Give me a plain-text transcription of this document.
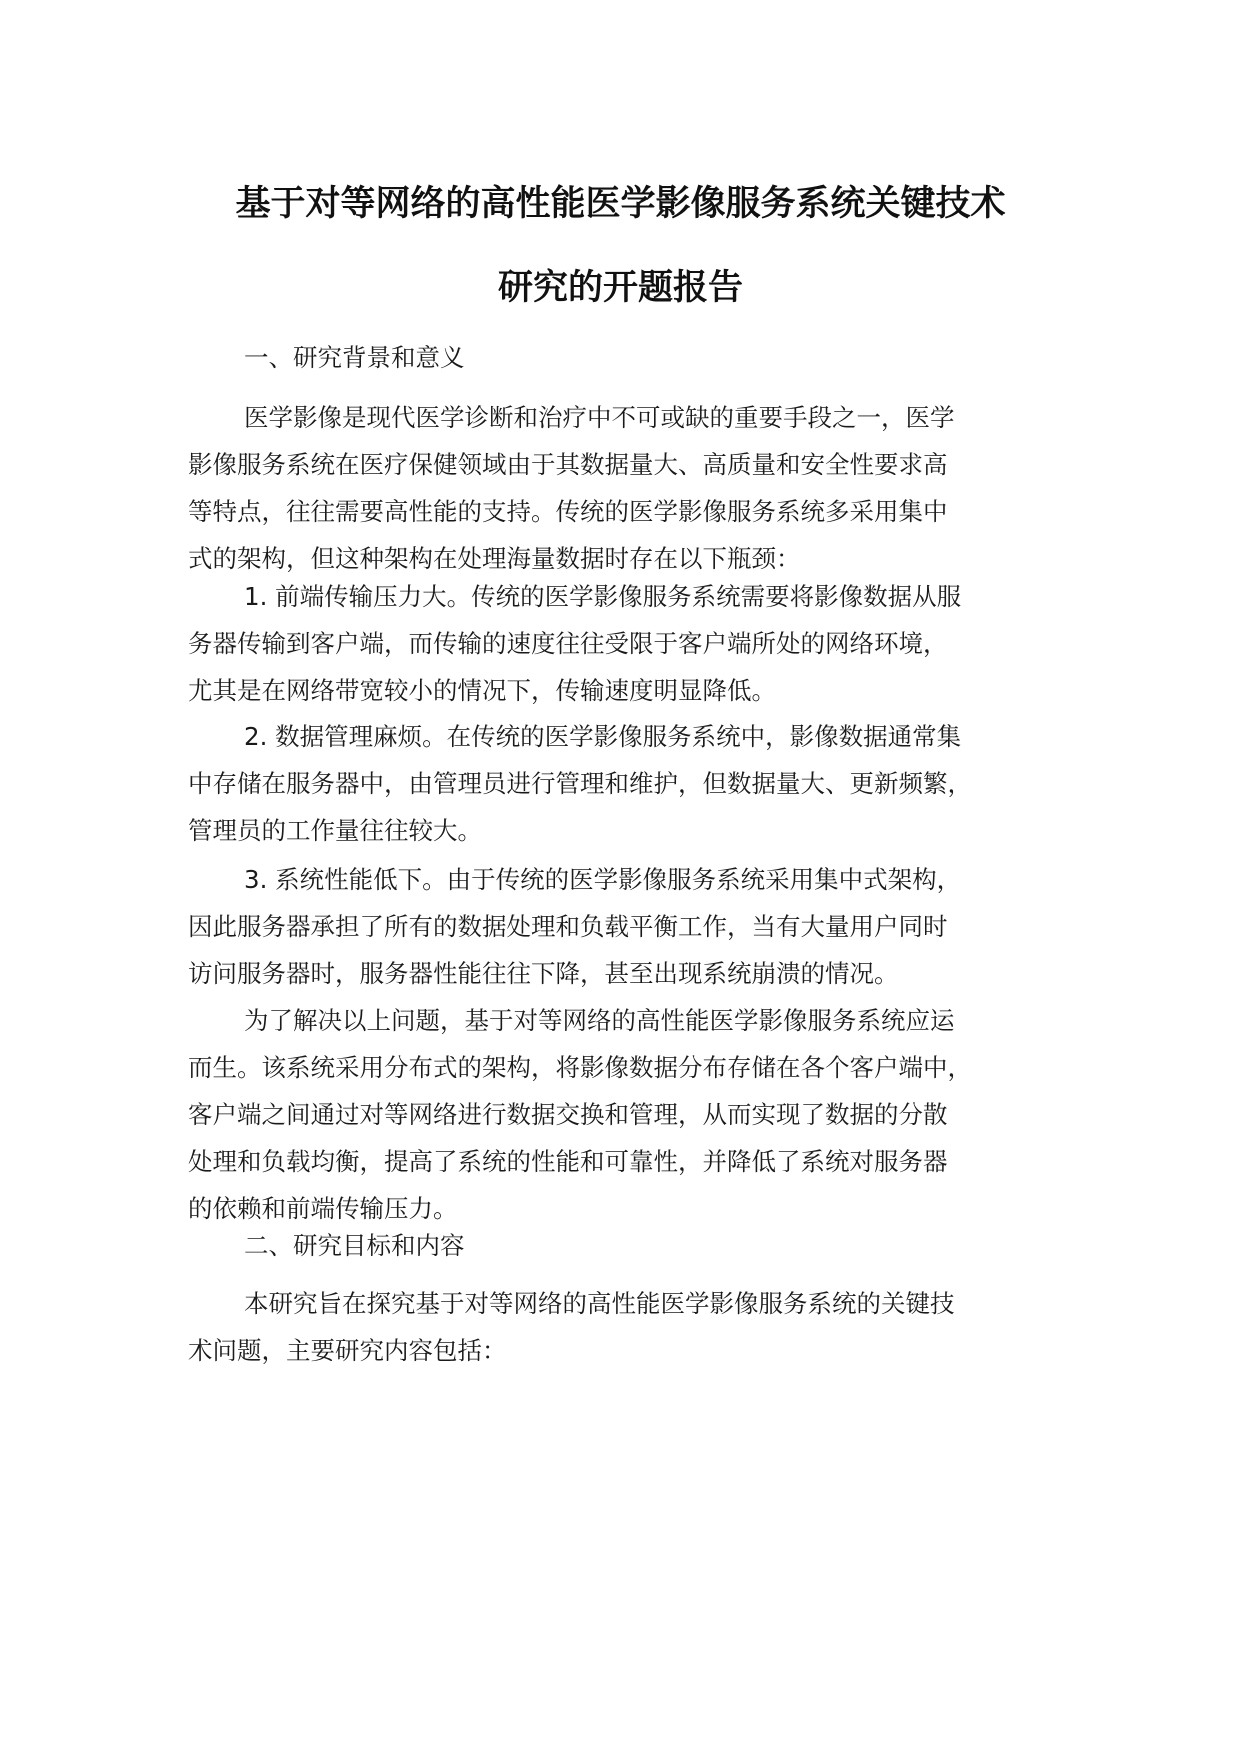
基于对等网络的高性能医学影像服务系统关键技术
研究的开题报告
一、研究背景和意义
医学影像是现代医学诊断和治疗中不可或缺的重要手段之一，医学
影像服务系统在医疗保健领域由于其数据量大、高质量和安全性要求高
等特点，往往需要高性能的支持。传统的医学影像服务系统多采用集中
式的架构，但这种架构在处理海量数据时存在以下瓶颈：
1. 前端传输压力大。传统的医学影像服务系统需要将影像数据从服
务器传输到客户端，而传输的速度往往受限于客户端所处的网络环境，
尤其是在网络带宽较小的情况下，传输速度明显降低。
2. 数据管理麻烦。在传统的医学影像服务系统中，影像数据通常集
中存储在服务器中，由管理员进行管理和维护，但数据量大、更新频繁，
管理员的工作量往往较大。
3. 系统性能低下。由于传统的医学影像服务系统采用集中式架构，
因此服务器承担了所有的数据处理和负载平衡工作，当有大量用户同时
访问服务器时，服务器性能往往下降，甚至出现系统崩溃的情况。
为了解决以上问题，基于对等网络的高性能医学影像服务系统应运
而生。该系统采用分布式的架构，将影像数据分布存储在各个客户端中，
客户端之间通过对等网络进行数据交换和管理，从而实现了数据的分散
处理和负载均衡，提高了系统的性能和可靠性，并降低了系统对服务器
的依赖和前端传输压力。
二、研究目标和内容
本研究旨在探究基于对等网络的高性能医学影像服务系统的关键技
术问题，主要研究内容包括：
